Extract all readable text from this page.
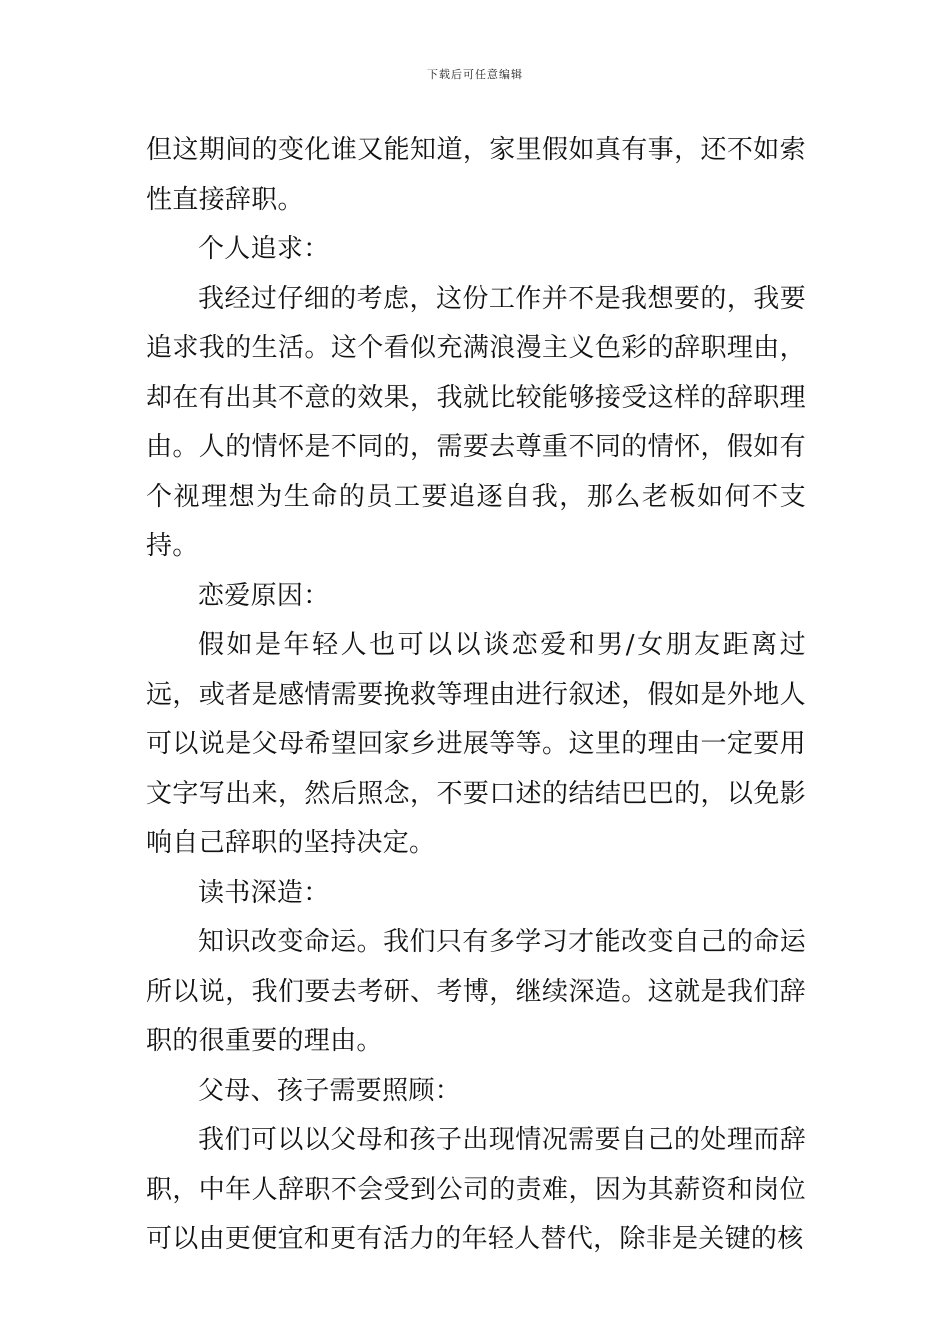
下载后可任意编辑

但这期间的变化谁又能知道，家里假如真有事，还不如索性直接辞职。

个人追求：

我经过仔细的考虑，这份工作并不是我想要的，我要追求我的生活。这个看似充满浪漫主义色彩的辞职理由，却在有出其不意的效果，我就比较能够接受这样的辞职理由。人的情怀是不同的，需要去尊重不同的情怀，假如有个视理想为生命的员工要追逐自我，那么老板如何不支持。

恋爱原因：

假如是年轻人也可以以谈恋爱和男/女朋友距离过远，或者是感情需要挽救等理由进行叙述，假如是外地人可以说是父母希望回家乡进展等等。这里的理由一定要用文字写出来，然后照念，不要口述的结结巴巴的，以免影响自己辞职的坚持决定。

读书深造：

知识改变命运。我们只有多学习才能改变自己的命运所以说，我们要去考研、考博，继续深造。这就是我们辞职的很重要的理由。

父母、孩子需要照顾：

我们可以以父母和孩子出现情况需要自己的处理而辞职，中年人辞职不会受到公司的责难，因为其薪资和岗位可以由更便宜和更有活力的年轻人替代，除非是关键的核
